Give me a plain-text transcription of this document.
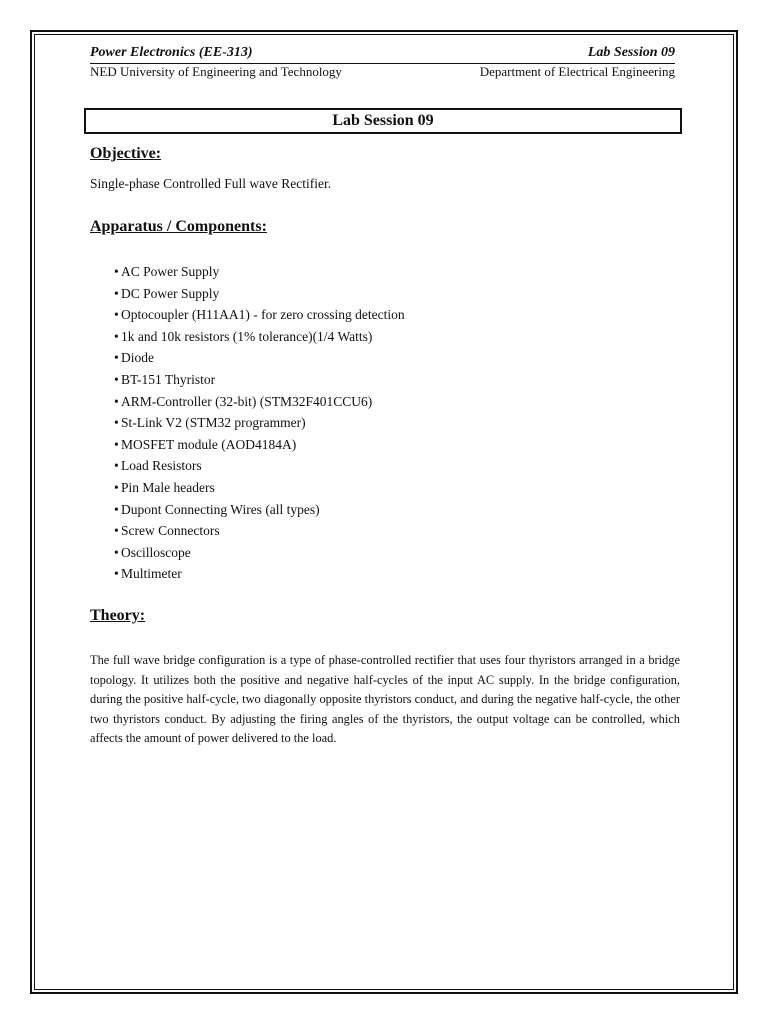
Power Electronics (EE-313)	Lab Session 09
NED University of Engineering and Technology	Department of Electrical Engineering
Lab Session 09
Objective:

Single-phase Controlled Full wave Rectifier.

Apparatus / Components:
• AC Power Supply
• DC Power Supply
• Optocoupler (H11AA1) - for zero crossing detection
• 1k and 10k resistors (1% tolerance)(1/4 Watts)
• Diode
• BT-151 Thyristor
• ARM-Controller (32-bit) (STM32F401CCU6)
• St-Link V2 (STM32 programmer)
• MOSFET module (AOD4184A)
• Load Resistors
• Pin Male headers
• Dupont Connecting Wires (all types)
• Screw Connectors
• Oscilloscope
• Multimeter
Theory:

The full wave bridge configuration is a type of phase-controlled rectifier that uses four thyristors arranged in a bridge topology. It utilizes both the positive and negative half-cycles of the input AC supply. In the bridge configuration, during the positive half-cycle, two diagonally opposite thyristors conduct, and during the negative half-cycle, the other two thyristors conduct. By adjusting the firing angles of the thyristors, the output voltage can be controlled, which affects the amount of power delivered to the load.
